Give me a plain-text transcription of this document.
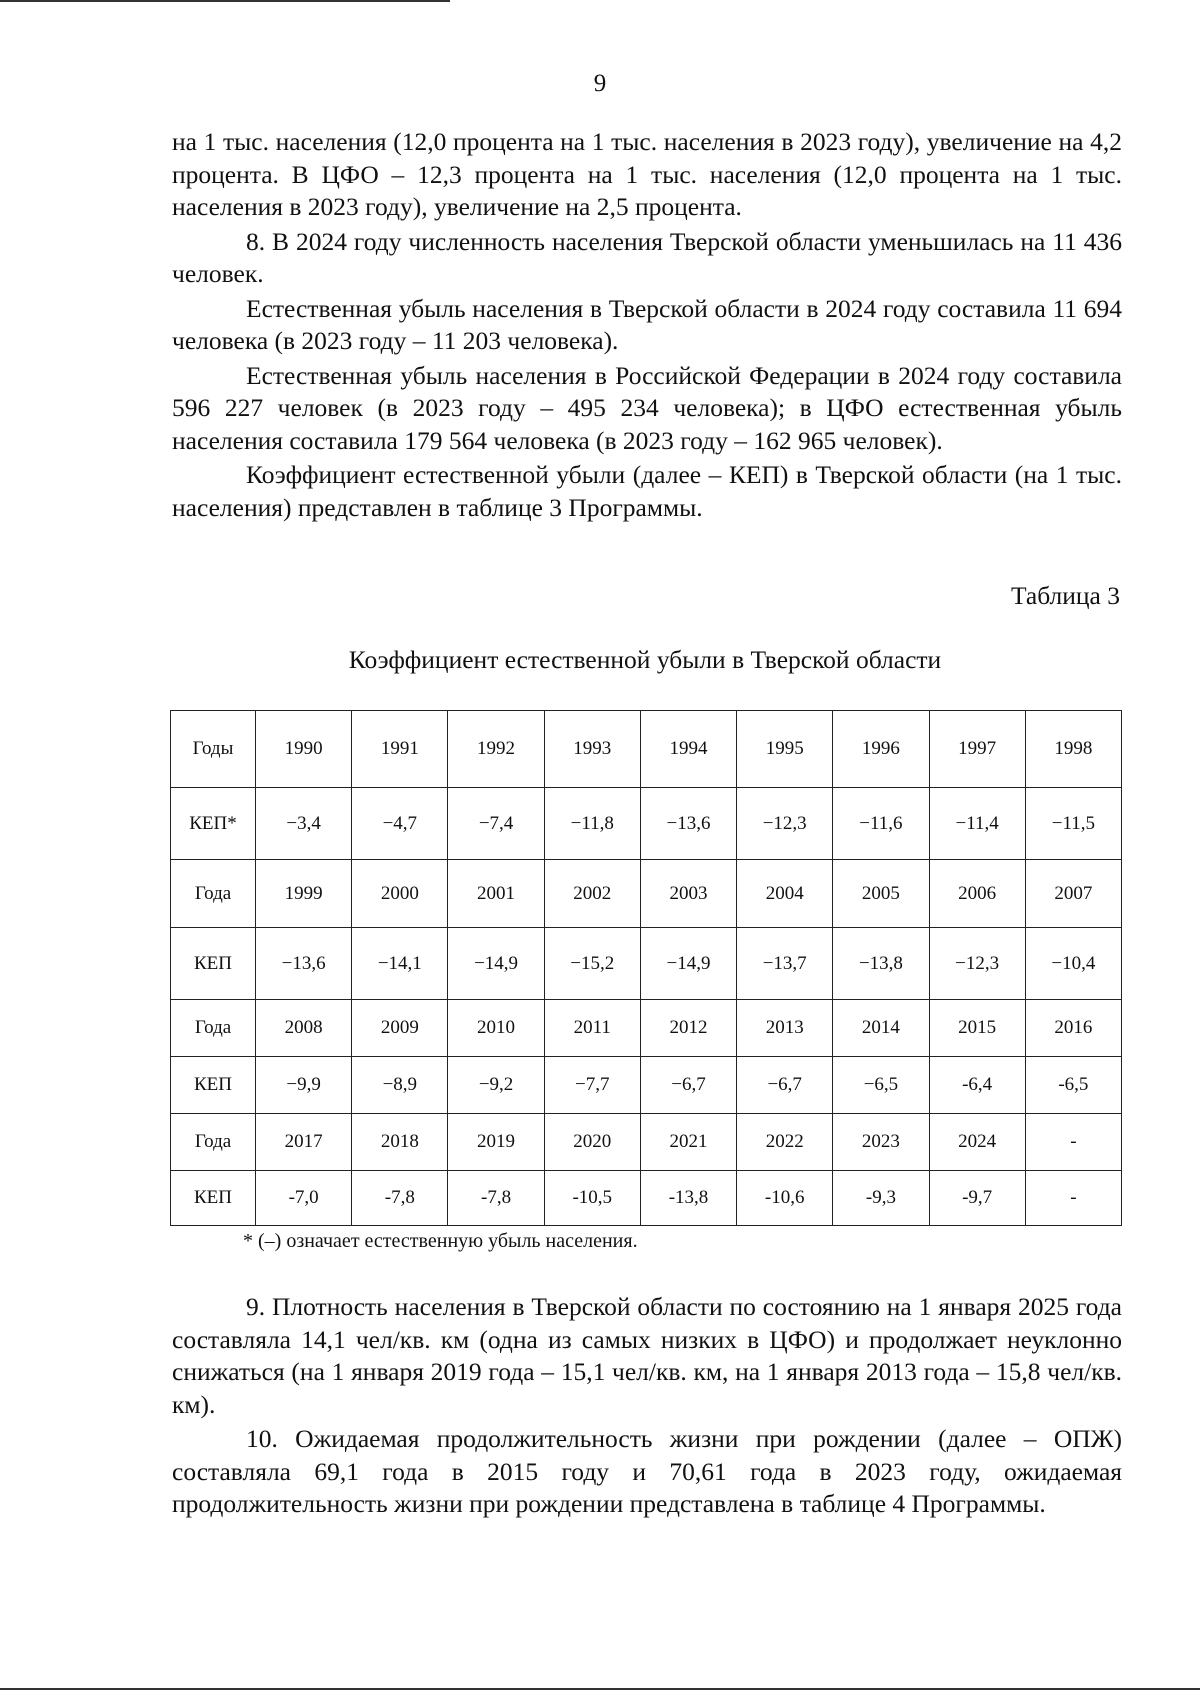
9

на 1 тыс. населения (12,0 процента на 1 тыс. населения в 2023 году), увеличение на 4,2 процента. В ЦФО – 12,3 процента на 1 тыс. населения (12,0 процента на 1 тыс. населения в 2023 году), увеличение на 2,5 процента.

8. В 2024 году численность населения Тверской области уменьшилась на 11 436 человек.

Естественная убыль населения в Тверской области в 2024 году составила 11 694 человека (в 2023 году – 11 203 человека).

Естественная убыль населения в Российской Федерации в 2024 году составила 596 227 человек (в 2023 году – 495 234 человека); в ЦФО естественная убыль населения составила 179 564 человека (в 2023 году – 162 965 человек).

Коэффициент естественной убыли (далее – КЕП) в Тверской области (на 1 тыс. населения) представлен в таблице 3 Программы.

Таблица 3
Коэффициент естественной убыли в Тверской области
Годы	1990	1991	1992	1993	1994	1995	1996	1997	1998
КЕП*	−3,4	−4,7	−7,4	−11,8	−13,6	−12,3	−11,6	−11,4	−11,5
Года	1999	2000	2001	2002	2003	2004	2005	2006	2007
КЕП	−13,6	−14,1	−14,9	−15,2	−14,9	−13,7	−13,8	−12,3	−10,4
Года	2008	2009	2010	2011	2012	2013	2014	2015	2016
КЕП	−9,9	−8,9	−9,2	−7,7	−6,7	−6,7	−6,5	-6,4	-6,5
Года	2017	2018	2019	2020	2021	2022	2023	2024	-
КЕП	-7,0	-7,8	-7,8	-10,5	-13,8	-10,6	-9,3	-9,7	-
* (–) означает естественную убыль населения.

9. Плотность населения в Тверской области по состоянию на 1 января 2025 года составляла 14,1 чел/кв. км (одна из самых низких в ЦФО) и продолжает неуклонно снижаться (на 1 января 2019 года – 15,1 чел/кв. км, на 1 января 2013 года – 15,8 чел/кв. км).

10. Ожидаемая продолжительность жизни при рождении (далее – ОПЖ) составляла 69,1 года в 2015 году и 70,61 года в 2023 году, ожидаемая продолжительность жизни при рождении представлена в таблице 4 Программы.
